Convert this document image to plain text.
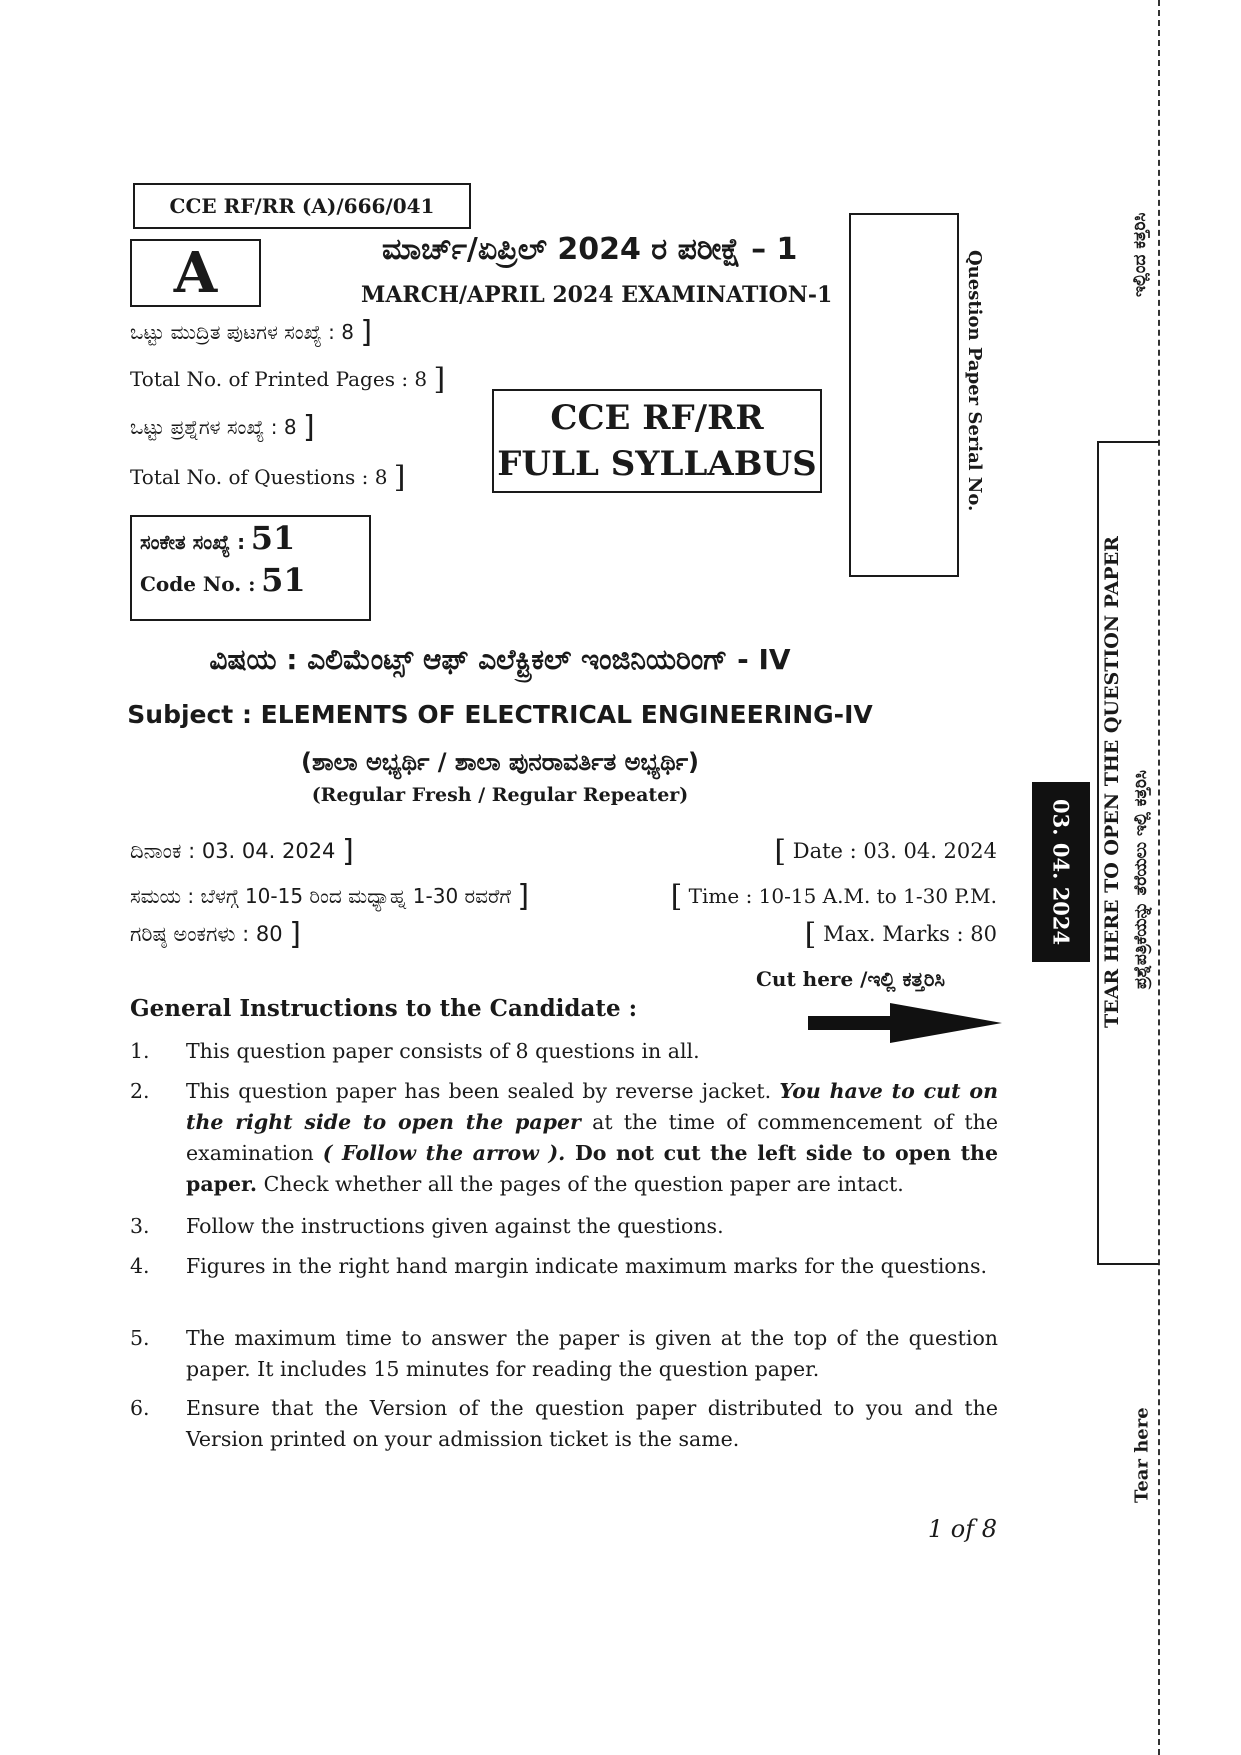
CCE RF/RR (A)/666/041
A	ಮಾರ್ಚ್/ಏಪ್ರಿಲ್ 2024 ರ ಪರೀಕ್ಷೆ – 1
MARCH/APRIL 2024 EXAMINATION-1
ಒಟ್ಟು ಮುದ್ರಿತ ಪುಟಗಳ ಸಂಖ್ಯೆ : 8 ]
Total No. of Printed Pages : 8 ]
ಒಟ್ಟು ಪ್ರಶ್ನೆಗಳ ಸಂಖ್ಯೆ : 8 ]
Total No. of Questions : 8 ]
CCE RF/RR
FULL SYLLABUS	Question Paper Serial No.
ಸಂಕೇತ ಸಂಖ್ಯೆ : 51
Code No. : 51
ವಿಷಯ : ಎಲಿಮೆಂಟ್ಸ್ ಆಫ್ ಎಲೆಕ್ಟ್ರಿಕಲ್ ಇಂಜಿನಿಯರಿಂಗ್ - IV
Subject : ELEMENTS OF ELECTRICAL ENGINEERING-IV
(ಶಾಲಾ ಅಭ್ಯರ್ಥಿ / ಶಾಲಾ ಪುನರಾವರ್ತಿತ ಅಭ್ಯರ್ಥಿ)
(Regular Fresh / Regular Repeater)
ದಿನಾಂಕ : 03. 04. 2024 ]	[ Date : 03. 04. 2024
ಸಮಯ : ಬೆಳಗ್ಗೆ 10-15 ರಿಂದ ಮಧ್ಯಾಹ್ನ 1-30 ರವರೆಗೆ ]	[ Time : 10-15 A.M. to 1-30 P.M.
ಗರಿಷ್ಠ ಅಂಕಗಳು : 80 ]	[ Max. Marks : 80
Cut here /ಇಲ್ಲಿ ಕತ್ತರಿಸಿ
General Instructions to the Candidate :
1. This question paper consists of 8 questions in all.
2. This question paper has been sealed by reverse jacket. You have to cut on the right side to open the paper at the time of commencement of the examination ( Follow the arrow ). Do not cut the left side to open the paper. Check whether all the pages of the question paper are intact.
3. Follow the instructions given against the questions.
4. Figures in the right hand margin indicate maximum marks for the questions.
5. The maximum time to answer the paper is given at the top of the question paper. It includes 15 minutes for reading the question paper.
6. Ensure that the Version of the question paper distributed to you and the Version printed on your admission ticket is the same.
1 of 8
ಇಲ್ಲಿಂದ ಕತ್ತರಿಸಿ
TEAR HERE TO OPEN THE QUESTION PAPER ಪ್ರಶ್ನೆಪತ್ರಿಕೆಯನ್ನು ತೆರೆಯಲು ಇಲ್ಲಿ ಕತ್ತರಿಸಿ
03. 04. 2024
Tear here
